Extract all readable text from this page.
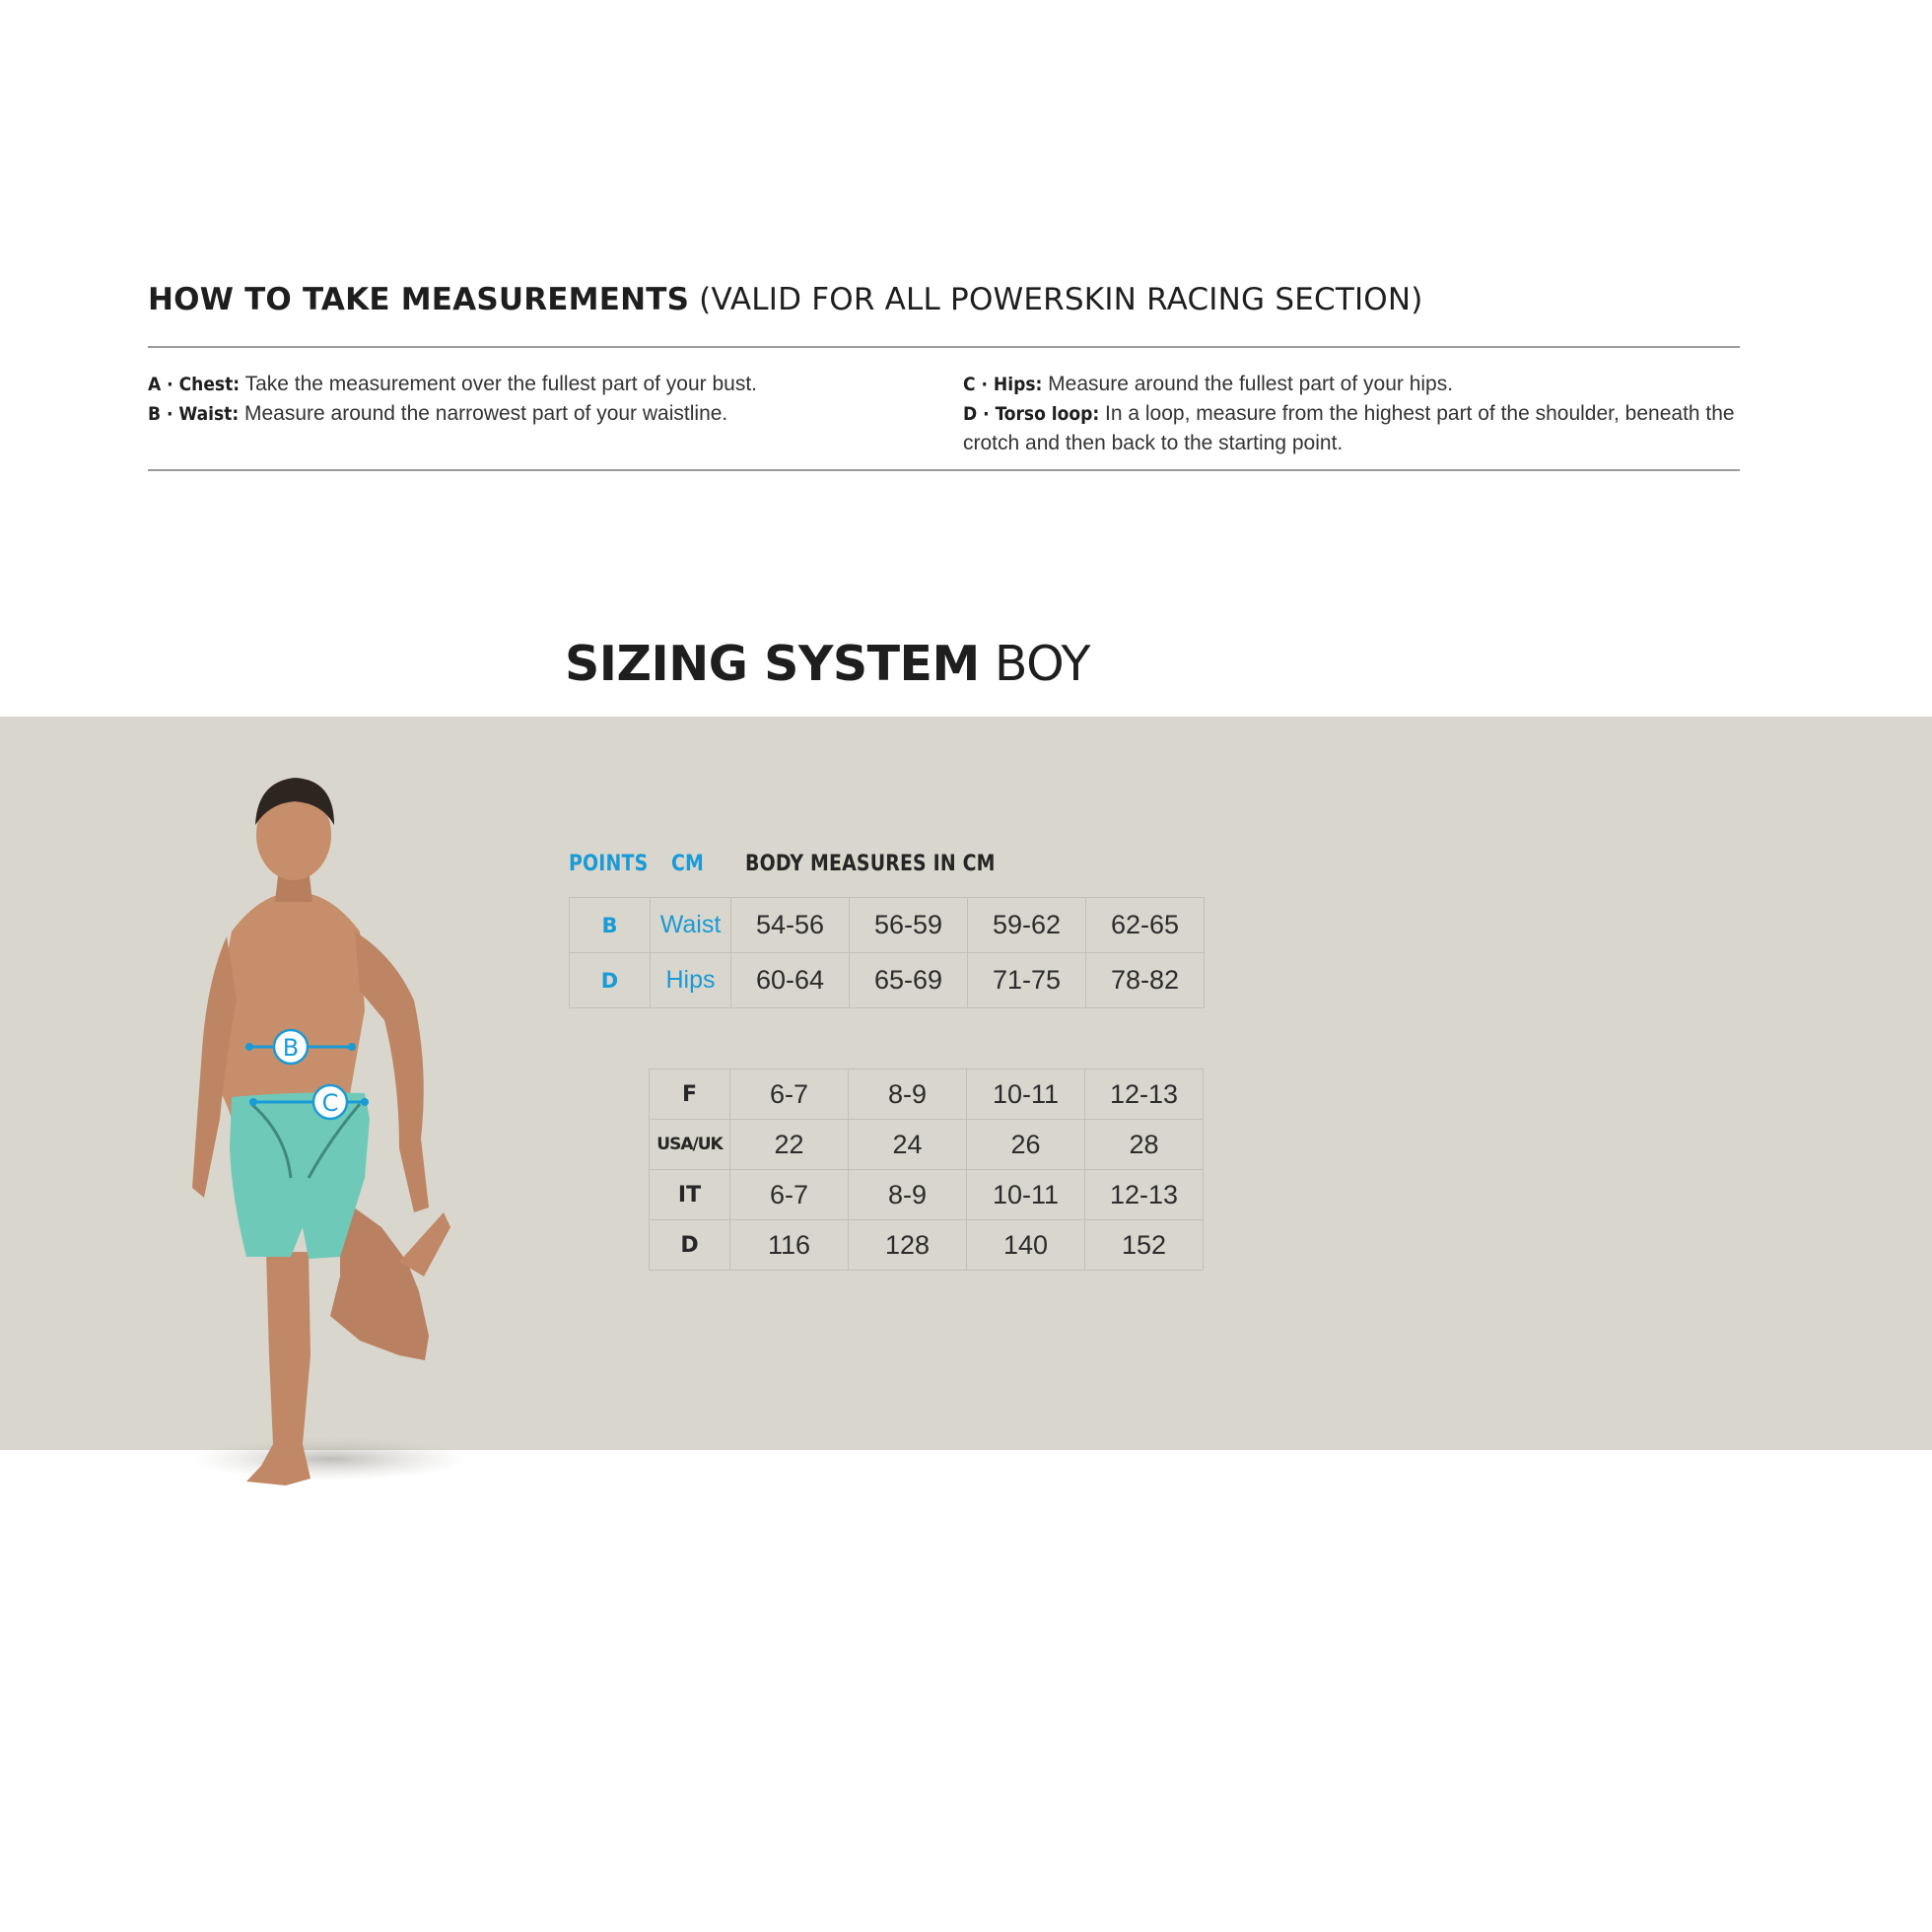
HOW TO TAKE MEASUREMENTS (VALID FOR ALL POWERSKIN RACING SECTION)
A · Chest: Take the measurement over the fullest part of your bust.
B · Waist: Measure around the narrowest part of your waistline.
C · Hips: Measure around the fullest part of your hips.
D · Torso loop: In a loop, measure from the highest part of the shoulder, beneath the crotch and then back to the starting point.
SIZING SYSTEM BOY
B
C
POINTS CM BODY MEASURES IN CM
B	Waist	54-56	56-59	59-62	62-65
D	Hips	60-64	65-69	71-75	78-82
F	6-7	8-9	10-11	12-13
USA/UK	22	24	26	28
IT	6-7	8-9	10-11	12-13
D	116	128	140	152
